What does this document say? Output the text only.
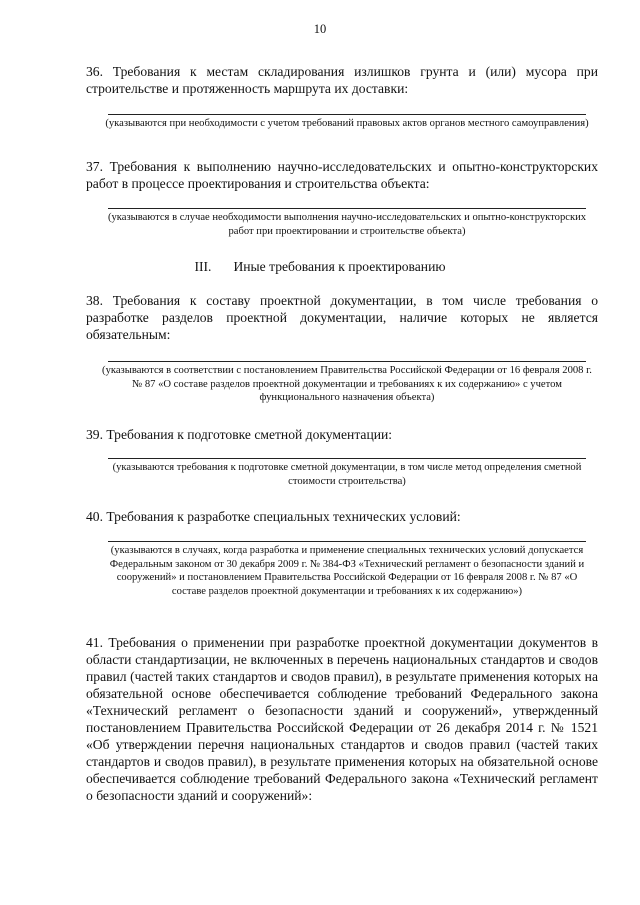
10
36. Требования к местам складирования излишков грунта и (или) мусора при строительстве и протяженность маршрута их доставки:
(указываются при необходимости с учетом требований правовых актов органов местного самоуправления)
37. Требования к выполнению научно-исследовательских и опытно-конструкторских работ в процессе проектирования и строительства объекта:
(указываются в случае необходимости выполнения научно-исследовательских и опытно-конструкторских работ при проектировании и строительстве объекта)
III. Иные требования к проектированию
38. Требования к составу проектной документации, в том числе требования о разработке разделов проектной документации, наличие которых не является обязательным:
(указываются в соответствии с постановлением Правительства Российской Федерации от 16 февраля 2008 г. № 87 «О составе разделов проектной документации и требованиях к их содержанию» с учетом функционального назначения объекта)
39. Требования к подготовке сметной документации:
(указываются требования к подготовке сметной документации, в том числе метод определения сметной стоимости строительства)
40. Требования к разработке специальных технических условий:
(указываются в случаях, когда разработка и применение специальных технических условий допускается Федеральным законом от 30 декабря 2009 г. № 384-ФЗ «Технический регламент о безопасности зданий и сооружений» и постановлением Правительства Российской Федерации от 16 февраля 2008 г. № 87 «О составе разделов проектной документации и требованиях к их содержанию»)
41. Требования о применении при разработке проектной документации документов в области стандартизации, не включенных в перечень национальных стандартов и сводов правил (частей таких стандартов и сводов правил), в результате применения которых на обязательной основе обеспечивается соблюдение требований Федерального закона «Технический регламент о безопасности зданий и сооружений», утвержденный постановлением Правительства Российской Федерации от 26 декабря 2014 г. № 1521 «Об утверждении перечня национальных стандартов и сводов правил (частей таких стандартов и сводов правил), в результате применения которых на обязательной основе обеспечивается соблюдение требований Федерального закона «Технический регламент о безопасности зданий и сооружений»:
